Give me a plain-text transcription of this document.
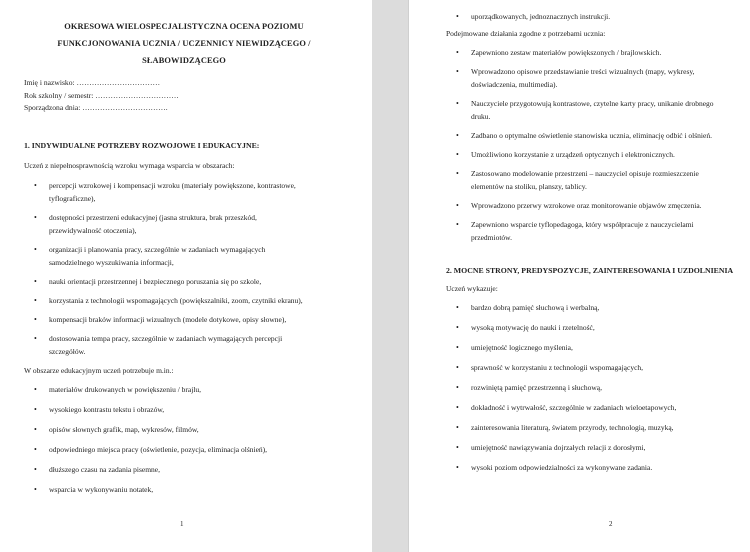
OKRESOWA WIELOSPECJALISTYCZNA OCENA POZIOMU
FUNKCJONOWANIA UCZNIA / UCZENNICY NIEWIDZĄCEGO /
SŁABOWIDZĄCEGO

Imię i nazwisko: ……………………………

Rok szkolny / semestr: ……………………………

Sporządzona dnia: …………………………….

1. INDYWIDUALNE POTRZEBY ROZWOJOWE I EDUKACYJNE:

Uczeń z niepełnosprawnością wzroku wymaga wsparcia w obszarach:

• percepcji wzrokowej i kompensacji wzroku (materiały powiększone, kontrastowe,
tyflograficzne),
• dostępności przestrzeni edukacyjnej (jasna struktura, brak przeszkód,
przewidywalność otoczenia),
• organizacji i planowania pracy, szczególnie w zadaniach wymagających
samodzielnego wyszukiwania informacji,
• nauki orientacji przestrzennej i bezpiecznego poruszania się po szkole,
• korzystania z technologii wspomagających (powiększalniki, zoom, czytniki ekranu),
• kompensacji braków informacji wizualnych (modele dotykowe, opisy słowne),
• dostosowania tempa pracy, szczególnie w zadaniach wymagających percepcji
szczegółów.

W obszarze edukacyjnym uczeń potrzebuje m.in.:

• materiałów drukowanych w powiększeniu / brajlu,
• wysokiego kontrastu tekstu i obrazów,
• opisów słownych grafik, map, wykresów, filmów,
• odpowiedniego miejsca pracy (oświetlenie, pozycja, eliminacja olśnień),
• dłuższego czasu na zadania pisemne,
• wsparcia w wykonywaniu notatek,
1
• uporządkowanych, jednoznacznych instrukcji.

Podejmowane działania zgodne z potrzebami ucznia:

• Zapewniono zestaw materiałów powiększonych / brajlowskich.
• Wprowadzono opisowe przedstawianie treści wizualnych (mapy, wykresy,
doświadczenia, multimedia).
• Nauczyciele przygotowują kontrastowe, czytelne karty pracy, unikanie drobnego
druku.
• Zadbano o optymalne oświetlenie stanowiska ucznia, eliminację odbić i olśnień.
• Umożliwiono korzystanie z urządzeń optycznych i elektronicznych.
• Zastosowano modelowanie przestrzeni – nauczyciel opisuje rozmieszczenie
elementów na stoliku, planszy, tablicy.
• Wprowadzono przerwy wzrokowe oraz monitorowanie objawów zmęczenia.
• Zapewniono wsparcie tyflopedagoga, który współpracuje z nauczycielami
przedmiotów.

2. MOCNE STRONY, PREDYSPOZYCJE, ZAINTERESOWANIA I UZDOLNIENIA

Uczeń wykazuje:

• bardzo dobrą pamięć słuchową i werbalną,
• wysoką motywację do nauki i rzetelność,
• umiejętność logicznego myślenia,
• sprawność w korzystaniu z technologii wspomagających,
• rozwiniętą pamięć przestrzenną i słuchową,
• dokładność i wytrwałość, szczególnie w zadaniach wieloetapowych,
• zainteresowania literaturą, światem przyrody, technologią, muzyką,
• umiejętność nawiązywania dojrzałych relacji z dorosłymi,
• wysoki poziom odpowiedzialności za wykonywane zadania.
2
